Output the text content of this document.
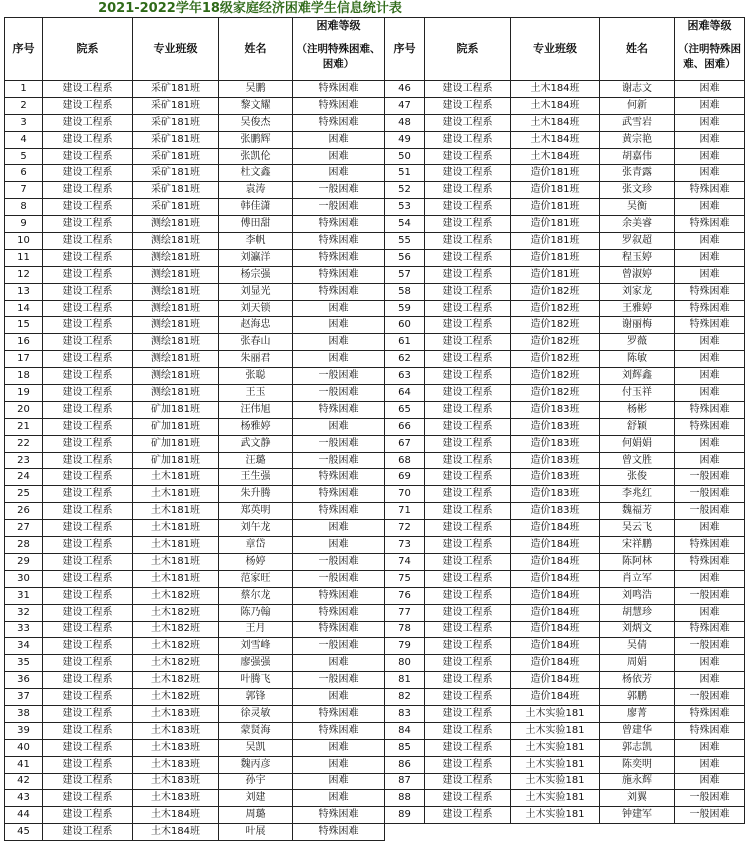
2021-2022学年18级家庭经济困难学生信息统计表
序号	院系	专业班级	姓名	困难等级	序号	院系	专业班级	姓名	困难等级
				（注明特殊困难、困难）					（注明特殊困难、困难）
1	建设工程系	采矿181班	吴鹏	特殊困难	46	建设工程系	土木184班	谢志文	困难
2	建设工程系	采矿181班	黎文耀	特殊困难	47	建设工程系	土木184班	何新	困难
3	建设工程系	采矿181班	吴俊杰	特殊困难	48	建设工程系	土木184班	武雪岩	困难
4	建设工程系	采矿181班	张鹏辉	困难	49	建设工程系	土木184班	黄宗艳	困难
5	建设工程系	采矿181班	张凯伦	困难	50	建设工程系	土木184班	胡嘉伟	困难
6	建设工程系	采矿181班	杜文鑫	困难	51	建设工程系	造价181班	张青露	困难
7	建设工程系	采矿181班	袁涛	一般困难	52	建设工程系	造价181班	张文珍	特殊困难
8	建设工程系	采矿181班	韩佳潇	一般困难	53	建设工程系	造价181班	吴衡	困难
9	建设工程系	测绘181班	傅田甜	特殊困难	54	建设工程系	造价181班	余美睿	特殊困难
10	建设工程系	测绘181班	李帆	特殊困难	55	建设工程系	造价181班	罗叙超	困难
11	建设工程系	测绘181班	刘瀛洋	特殊困难	56	建设工程系	造价181班	程玉婷	困难
12	建设工程系	测绘181班	杨宗强	特殊困难	57	建设工程系	造价181班	曾淑婷	困难
13	建设工程系	测绘181班	刘显光	特殊困难	58	建设工程系	造价182班	刘家龙	特殊困难
14	建设工程系	测绘181班	刘天锁	困难	59	建设工程系	造价182班	王雅婷	特殊困难
15	建设工程系	测绘181班	赵海忠	困难	60	建设工程系	造价182班	谢丽梅	特殊困难
16	建设工程系	测绘181班	张春山	困难	61	建设工程系	造价182班	罗薇	困难
17	建设工程系	测绘181班	朱丽君	困难	62	建设工程系	造价182班	陈敏	困难
18	建设工程系	测绘181班	张聪	一般困难	63	建设工程系	造价182班	刘辉鑫	困难
19	建设工程系	测绘181班	王玉	一般困难	64	建设工程系	造价182班	付玉祥	困难
20	建设工程系	矿加181班	汪伟旭	特殊困难	65	建设工程系	造价183班	杨彬	特殊困难
21	建设工程系	矿加181班	杨雅婷	困难	66	建设工程系	造价183班	舒颖	特殊困难
22	建设工程系	矿加181班	武文静	一般困难	67	建设工程系	造价183班	何娟娟	困难
23	建设工程系	矿加181班	汪璐	一般困难	68	建设工程系	造价183班	曾文胜	困难
24	建设工程系	土木181班	王生强	特殊困难	69	建设工程系	造价183班	张俊	一般困难
25	建设工程系	土木181班	朱升腾	特殊困难	70	建设工程系	造价183班	李兆红	一般困难
26	建设工程系	土木181班	郑英明	特殊困难	71	建设工程系	造价183班	魏福芳	一般困难
27	建设工程系	土木181班	刘午龙	困难	72	建设工程系	造价184班	吴云飞	困难
28	建设工程系	土木181班	章岱	困难	73	建设工程系	造价184班	宋祥鹏	特殊困难
29	建设工程系	土木181班	杨婷	一般困难	74	建设工程系	造价184班	陈阿林	特殊困难
30	建设工程系	土木181班	范家旺	一般困难	75	建设工程系	造价184班	肖立军	困难
31	建设工程系	土木182班	蔡尔龙	特殊困难	76	建设工程系	造价184班	刘鸣浩	一般困难
32	建设工程系	土木182班	陈乃翰	特殊困难	77	建设工程系	造价184班	胡慧珍	困难
33	建设工程系	土木182班	王月	特殊困难	78	建设工程系	造价184班	刘炳文	特殊困难
34	建设工程系	土木182班	刘雪峰	一般困难	79	建设工程系	造价184班	吴倩	一般困难
35	建设工程系	土木182班	廖强强	困难	80	建设工程系	造价184班	周娟	困难
36	建设工程系	土木182班	叶腾飞	一般困难	81	建设工程系	造价184班	杨依芳	困难
37	建设工程系	土木182班	郭锋	困难	82	建设工程系	造价184班	郭鹏	一般困难
38	建设工程系	土木183班	徐灵敏	特殊困难	83	建设工程系	土木实验181	廖菁	特殊困难
39	建设工程系	土木183班	蒙贤海	特殊困难	84	建设工程系	土木实验181	曾建华	特殊困难
40	建设工程系	土木183班	吴凯	困难	85	建设工程系	土木实验181	郭志凯	困难
41	建设工程系	土木183班	魏丙彦	困难	86	建设工程系	土木实验181	陈奕明	困难
42	建设工程系	土木183班	孙宇	困难	87	建设工程系	土木实验181	施永辉	困难
43	建设工程系	土木183班	刘建	困难	88	建设工程系	土木实验181	刘翼	一般困难
44	建设工程系	土木184班	周璐	特殊困难	89	建设工程系	土木实验181	钟建军	一般困难
45	建设工程系	土木184班	叶展	特殊困难					
